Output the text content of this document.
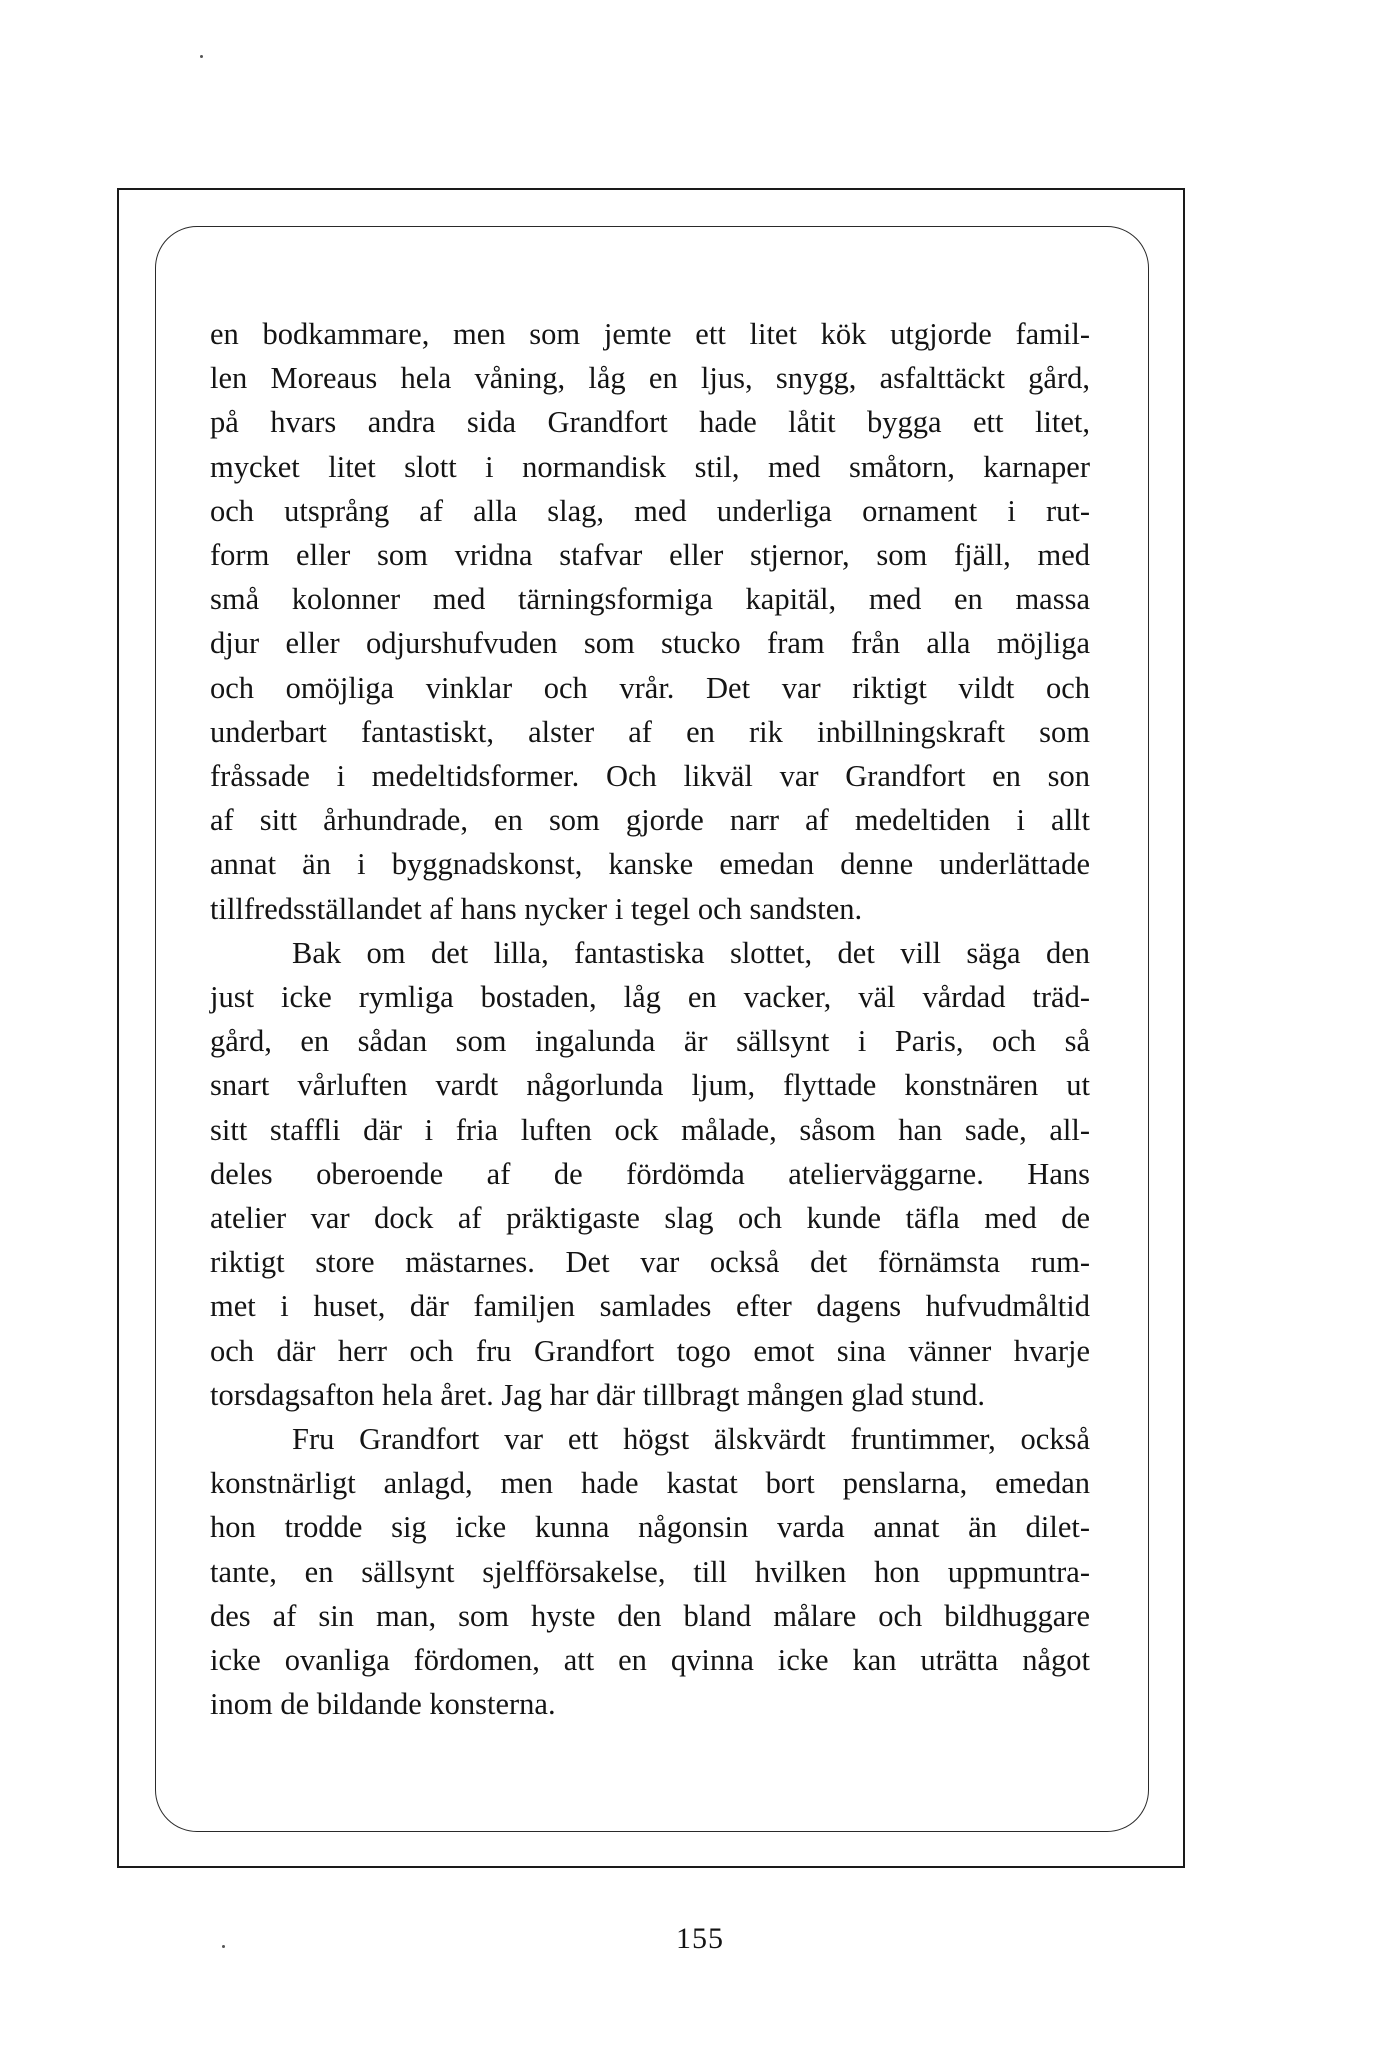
en bodkammare, men som jemte ett litet kök utgjorde famil-
len Moreaus hela våning, låg en ljus, snygg, asfalttäckt gård,
på hvars andra sida Grandfort hade låtit bygga ett litet,
mycket litet slott i normandisk stil, med småtorn, karnaper
och utsprång af alla slag, med underliga ornament i rut-
form eller som vridna stafvar eller stjernor, som fjäll, med
små kolonner med tärningsformiga kapitäl, med en massa
djur eller odjurshufvuden som stucko fram från alla möjliga
och omöjliga vinklar och vrår. Det var riktigt vildt och
underbart fantastiskt, alster af en rik inbillningskraft som
fråssade i medeltidsformer. Och likväl var Grandfort en son
af sitt århundrade, en som gjorde narr af medeltiden i allt
annat än i byggnadskonst, kanske emedan denne underlättade
tillfredsställandet af hans nycker i tegel och sandsten.

Bak om det lilla, fantastiska slottet, det vill säga den
just icke rymliga bostaden, låg en vacker, väl vårdad träd-
gård, en sådan som ingalunda är sällsynt i Paris, och så
snart vårluften vardt någorlunda ljum, flyttade konstnären ut
sitt staffli där i fria luften ock målade, såsom han sade, all-
deles oberoende af de fördömda atelierväggarne. Hans
atelier var dock af präktigaste slag och kunde täfla med de
riktigt store mästarnes. Det var också det förnämsta rum-
met i huset, där familjen samlades efter dagens hufvudmåltid
och där herr och fru Grandfort togo emot sina vänner hvarje
torsdagsafton hela året. Jag har där tillbragt mången glad stund.

Fru Grandfort var ett högst älskvärdt fruntimmer, också
konstnärligt anlagd, men hade kastat bort penslarna, emedan
hon trodde sig icke kunna någonsin varda annat än dilet-
tante, en sällsynt sjelfförsakelse, till hvilken hon uppmuntra-
des af sin man, som hyste den bland målare och bildhuggare
icke ovanliga fördomen, att en qvinna icke kan uträtta något
inom de bildande konsterna.

155
